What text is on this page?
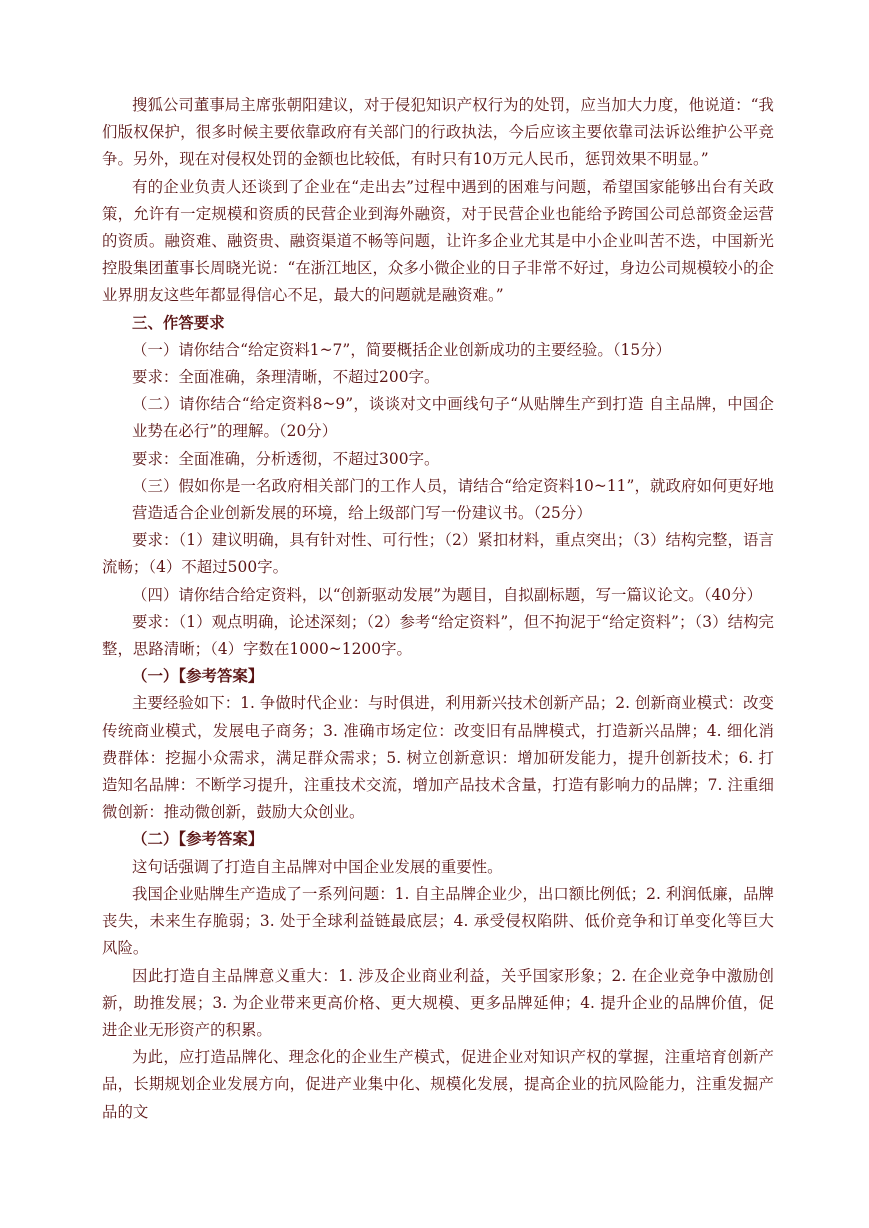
搜狐公司董事局主席张朝阳建议，对于侵犯知识产权行为的处罚，应当加大力度，他说道：“我们版权保护，很多时候主要依靠政府有关部门的行政执法，今后应该主要依靠司法诉讼维护公平竞争。另外，现在对侵权处罚的金额也比较低，有时只有10万元人民币，惩罚效果不明显。”

有的企业负责人还谈到了企业在“走出去”过程中遇到的困难与问题，希望国家能够出台有关政策，允许有一定规模和资质的民营企业到海外融资，对于民营企业也能给予跨国公司总部资金运营的资质。融资难、融资贵、融资渠道不畅等问题，让许多企业尤其是中小企业叫苦不迭，中国新光控股集团董事长周晓光说：“在浙江地区，众多小微企业的日子非常不好过，身边公司规模较小的企业界朋友这些年都显得信心不足，最大的问题就是融资难。”

三、作答要求

（一）请你结合“给定资料1~7”，简要概括企业创新成功的主要经验。（15分）

要求：全面准确，条理清晰，不超过200字。

（二）请你结合“给定资料8~9”，谈谈对文中画线句子“从贴牌生产到打造 自主品牌，中国企业势在必行”的理解。（20分）

要求：全面准确，分析透彻，不超过300字。

（三）假如你是一名政府相关部门的工作人员，请结合“给定资料10~11”，就政府如何更好地营造适合企业创新发展的环境，给上级部门写一份建议书。（25分）

要求：（1）建议明确，具有针对性、可行性；（2）紧扣材料，重点突出；（3）结构完整，语言流畅；（4）不超过500字。

（四）请你结合给定资料，以“创新驱动发展”为题目，自拟副标题，写一篇议论文。（40分）

要求：（1）观点明确，论述深刻；（2）参考“给定资料”，但不拘泥于“给定资料”；（3）结构完整，思路清晰；（4）字数在1000~1200字。

（一）【参考答案】

主要经验如下：1. 争做时代企业：与时俱进，利用新兴技术创新产品；2. 创新商业模式：改变传统商业模式，发展电子商务；3. 准确市场定位：改变旧有品牌模式，打造新兴品牌；4. 细化消费群体：挖掘小众需求，满足群众需求；5. 树立创新意识：增加研发能力，提升创新技术；6. 打造知名品牌：不断学习提升，注重技术交流，增加产品技术含量，打造有影响力的品牌；7. 注重细微创新：推动微创新，鼓励大众创业。

（二）【参考答案】

这句话强调了打造自主品牌对中国企业发展的重要性。

我国企业贴牌生产造成了一系列问题：1. 自主品牌企业少，出口额比例低；2. 利润低廉，品牌丧失，未来生存脆弱；3. 处于全球利益链最底层；4. 承受侵权陷阱、低价竞争和订单变化等巨大风险。

因此打造自主品牌意义重大：1. 涉及企业商业利益，关乎国家形象；2. 在企业竞争中激励创新，助推发展；3. 为企业带来更高价格、更大规模、更多品牌延伸；4. 提升企业的品牌价值，促进企业无形资产的积累。

为此，应打造品牌化、理念化的企业生产模式，促进企业对知识产权的掌握，注重培育创新产品，长期规划企业发展方向，促进产业集中化、规模化发展，提高企业的抗风险能力，注重发掘产品的文
